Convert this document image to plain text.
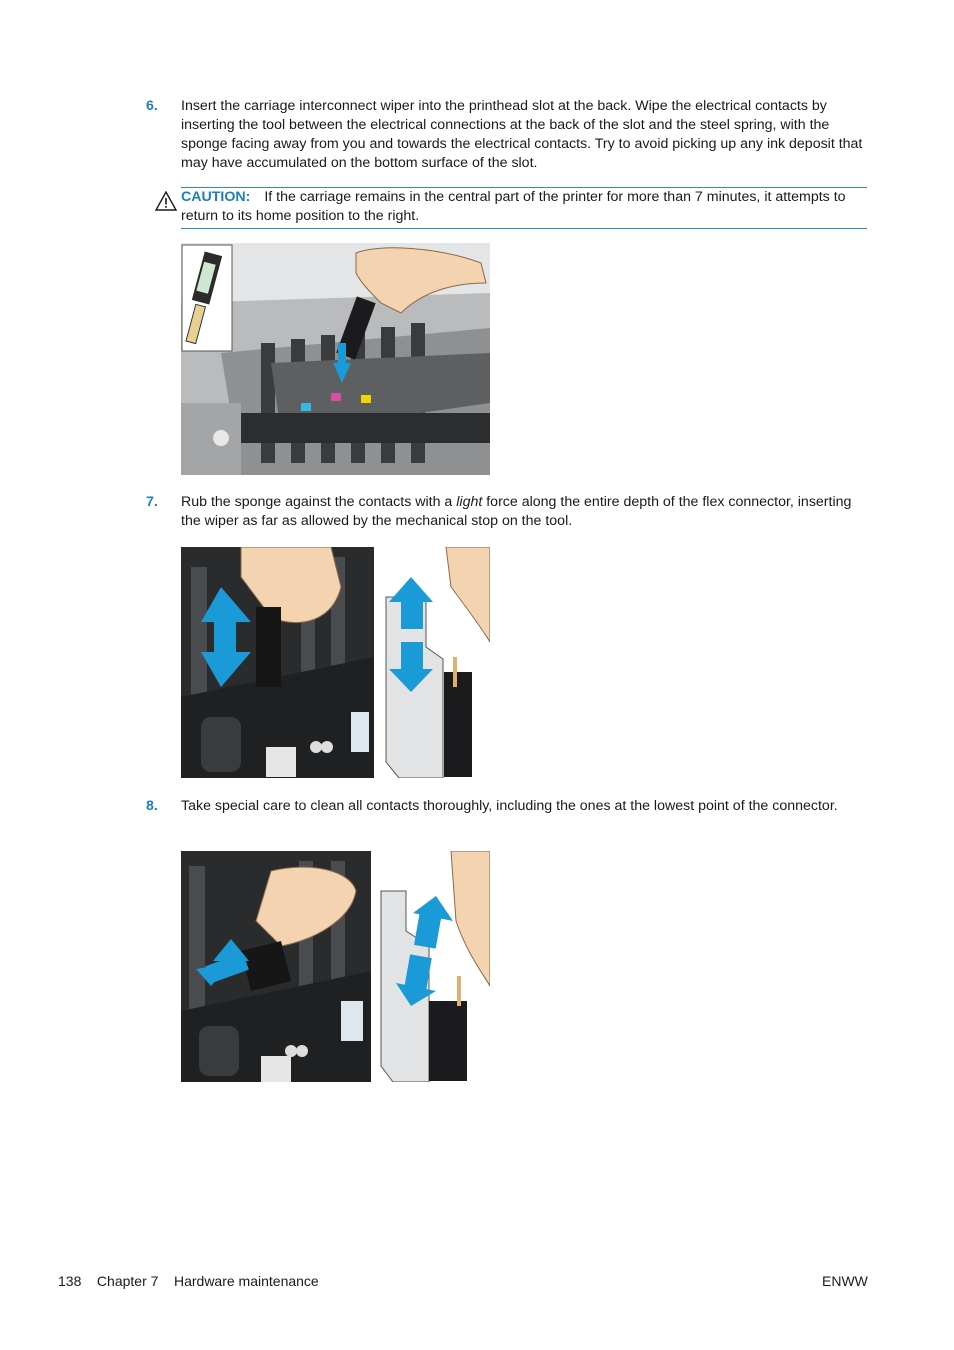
6. Insert the carriage interconnect wiper into the printhead slot at the back. Wipe the electrical contacts by inserting the tool between the electrical connections at the back of the slot and the steel spring, with the sponge facing away from you and towards the electrical contacts. Try to avoid picking up any ink deposit that may have accumulated on the bottom surface of the slot.
CAUTION: If the carriage remains in the central part of the printer for more than 7 minutes, it attempts to return to its home position to the right.
7. Rub the sponge against the contacts with a light force along the entire depth of the flex connector, inserting the wiper as far as allowed by the mechanical stop on the tool.
8. Take special care to clean all contacts thoroughly, including the ones at the lowest point of the connector.
138 Chapter 7 Hardware maintenance	ENWW
